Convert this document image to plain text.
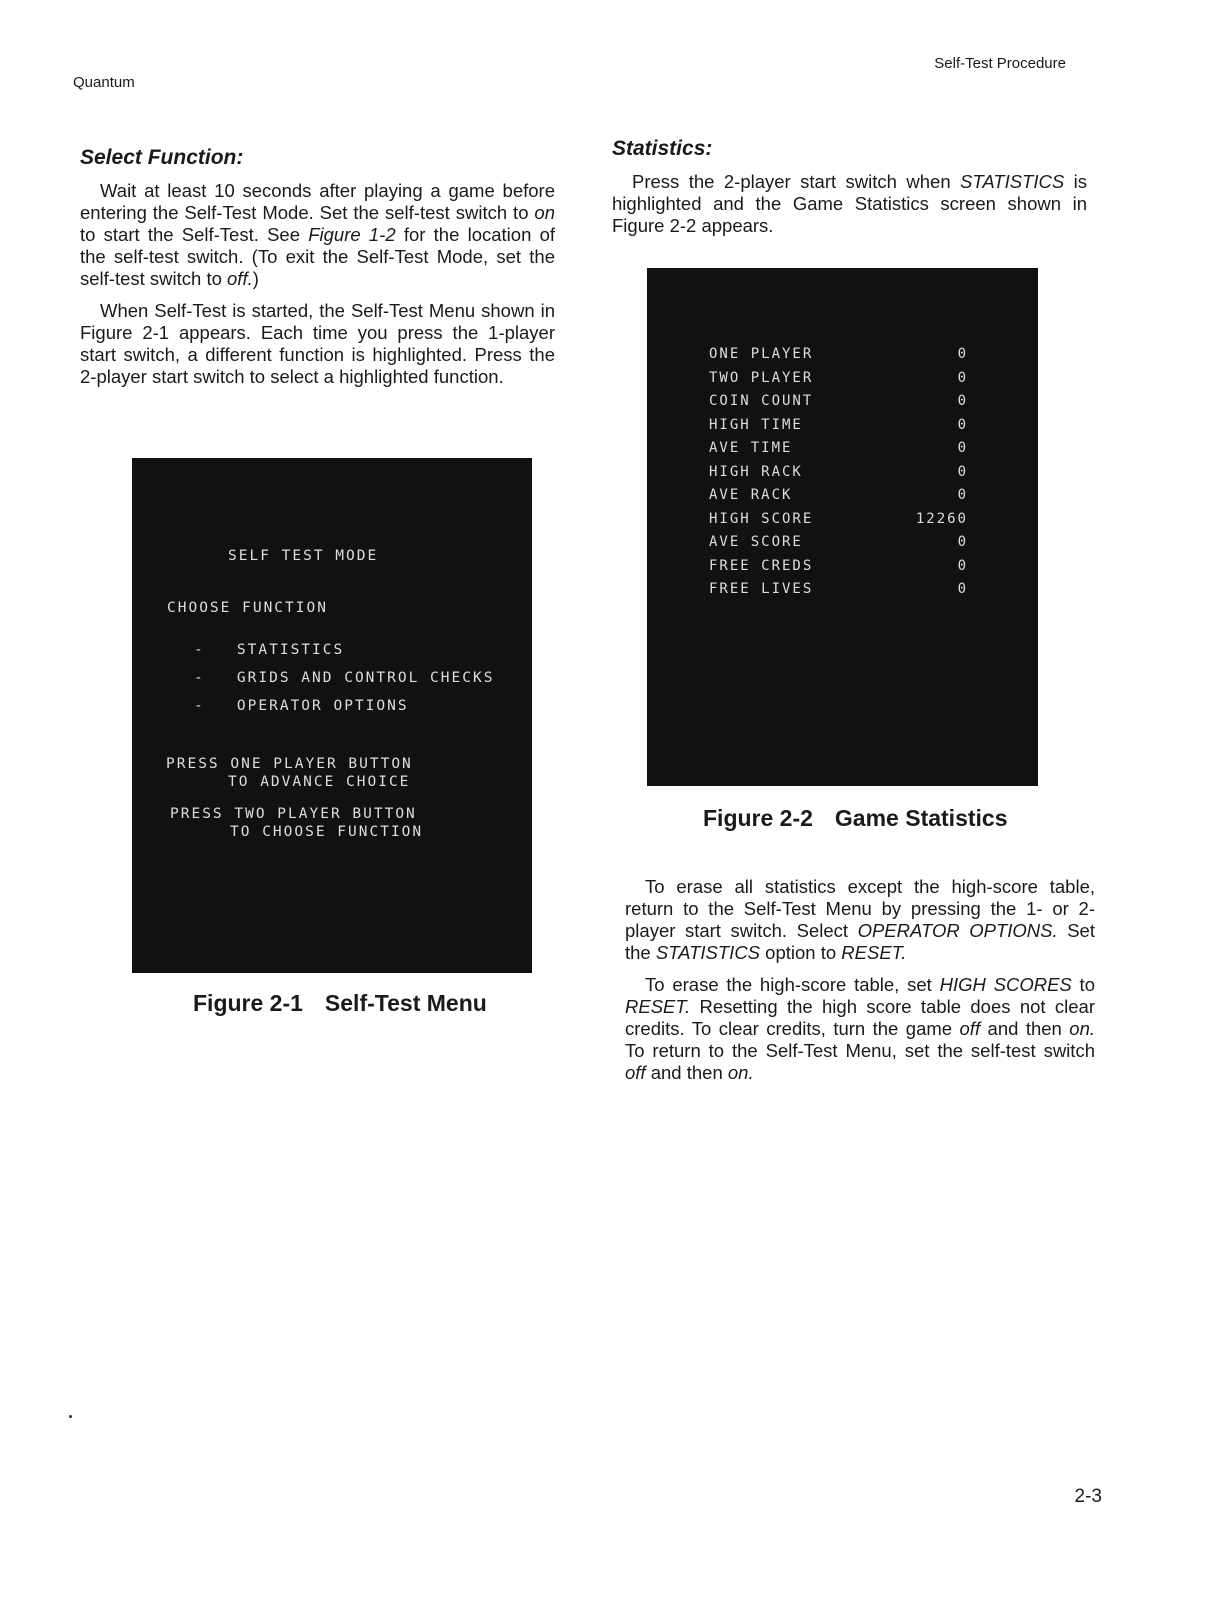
Quantum
Self-Test Procedure
Select Function:

Wait at least 10 seconds after playing a game before entering the Self-Test Mode. Set the self-test switch to on to start the Self-Test. See Figure 1-2 for the location of the self-test switch. (To exit the Self-Test Mode, set the self-test switch to off.)

When Self-Test is started, the Self-Test Menu shown in Figure 2-1 appears. Each time you press the 1-player start switch, a different function is highlighted. Press the 2-player start switch to select a highlighted function.

SELF TEST MODE
CHOOSE FUNCTION
-   STATISTICS
-   GRIDS AND CONTROL CHECKS
-   OPERATOR OPTIONS
PRESS ONE PLAYER BUTTON
TO ADVANCE CHOICE
PRESS TWO PLAYER BUTTON
TO CHOOSE FUNCTION
Figure 2-1 Self-Test Menu
Statistics:

Press the 2-player start switch when STATISTICS is highlighted and the Game Statistics screen shown in Figure 2-2 appears.

ONE PLAYER	0
TWO PLAYER	0
COIN COUNT	0
HIGH TIME	0
AVE TIME	0
HIGH RACK	0
AVE RACK	0
HIGH SCORE	12260
AVE SCORE	0
FREE CREDS	0
FREE LIVES	0
Figure 2-2 Game Statistics

To erase all statistics except the high-score table, return to the Self-Test Menu by pressing the 1- or 2-player start switch. Select OPERATOR OPTIONS. Set the STATISTICS option to RESET.

To erase the high-score table, set HIGH SCORES to RESET. Resetting the high score table does not clear credits. To clear credits, turn the game off and then on. To return to the Self-Test Menu, set the self-test switch off and then on.

2-3
